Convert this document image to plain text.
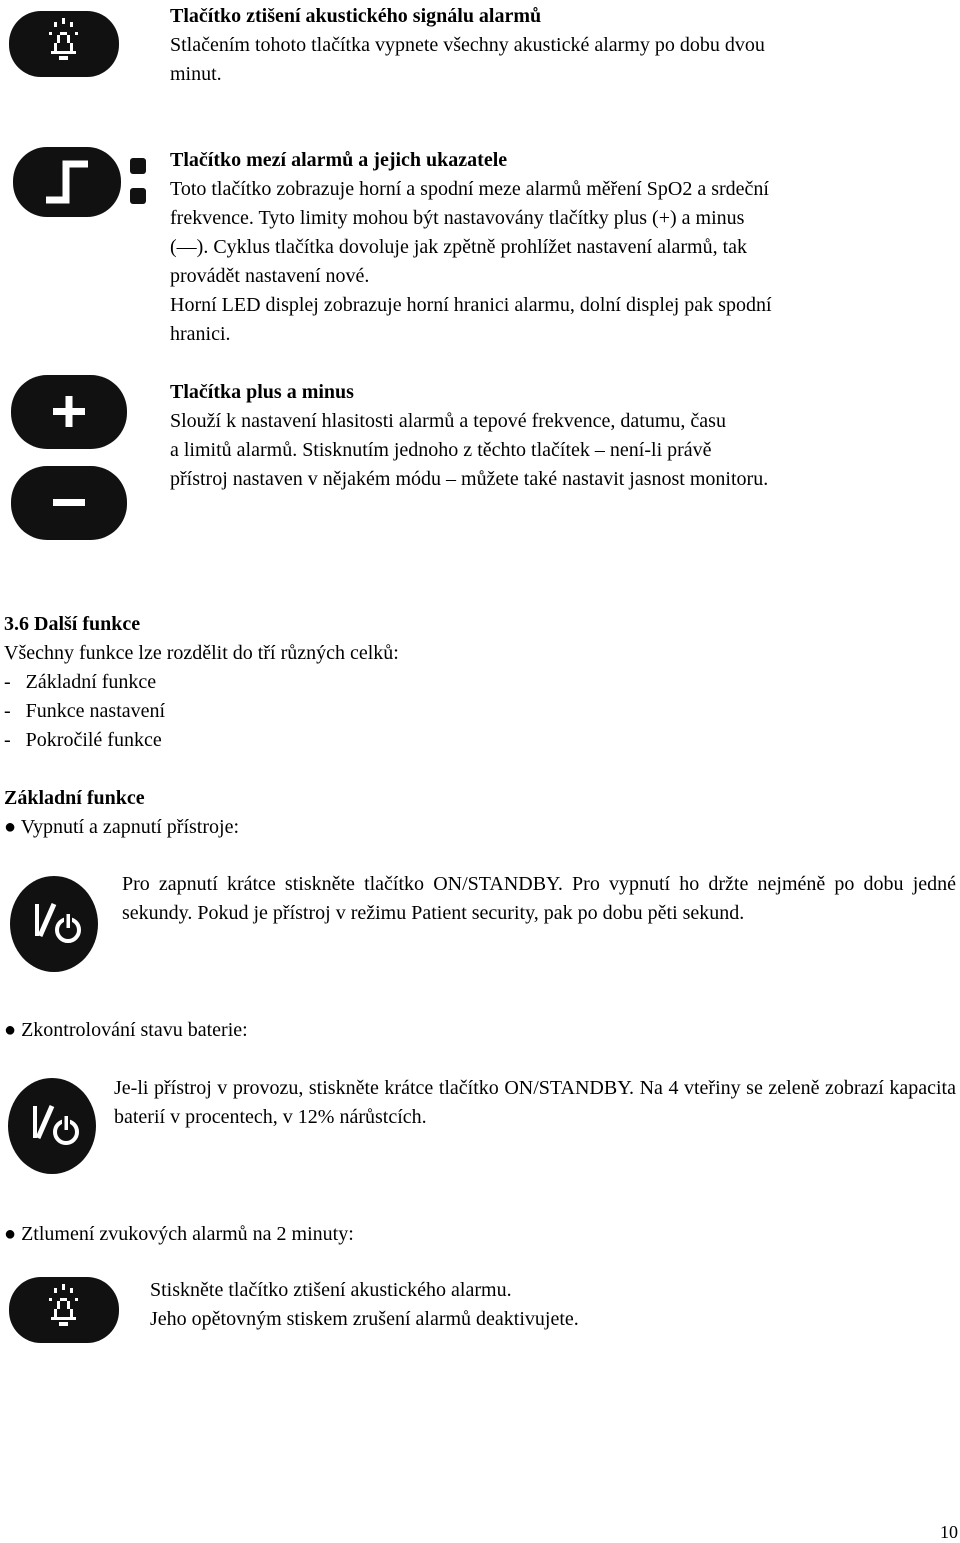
Tlačítko ztišení akustického signálu alarmů

Stlačením tohoto tlačítka vypnete všechny akustické alarmy po dobu dvou

minut.

Tlačítko mezí alarmů a jejich ukazatele

Toto tlačítko zobrazuje horní a spodní meze alarmů měření SpO2 a srdeční

frekvence. Tyto limity mohou být nastavovány tlačítky plus (+) a minus

(—). Cyklus tlačítka dovoluje jak zpětně prohlížet nastavení alarmů, tak

provádět nastavení nové.

Horní LED displej zobrazuje horní hranici alarmu, dolní displej pak spodní

hranici.

Tlačítka plus a minus

Slouží k nastavení hlasitosti alarmů a tepové frekvence, datumu, času

a limitů alarmů. Stisknutím jednoho z těchto tlačítek – není-li právě

přístroj nastaven v nějakém módu – můžete také nastavit jasnost monitoru.

3.6 Další funkce

Všechny funkce lze rozdělit do tří různých celků:

-   Základní funkce

-   Funkce nastavení

-   Pokročilé funkce

Základní funkce

● Vypnutí a zapnutí přístroje:

Pro zapnutí krátce stiskněte tlačítko ON/STANDBY. Pro vypnutí ho držte nejméně po dobu jedné sekundy. Pokud je přístroj v režimu Patient security, pak po dobu pěti sekund.

● Zkontrolování stavu baterie:

Je-li přístroj v provozu, stiskněte krátce tlačítko ON/STANDBY. Na 4 vteřiny se zeleně zobrazí kapacita baterií v procentech, v 12% nárůstcích.

● Ztlumení zvukových alarmů na 2 minuty:

Stiskněte tlačítko ztišení akustického alarmu.

Jeho opětovným stiskem zrušení alarmů deaktivujete.

10
